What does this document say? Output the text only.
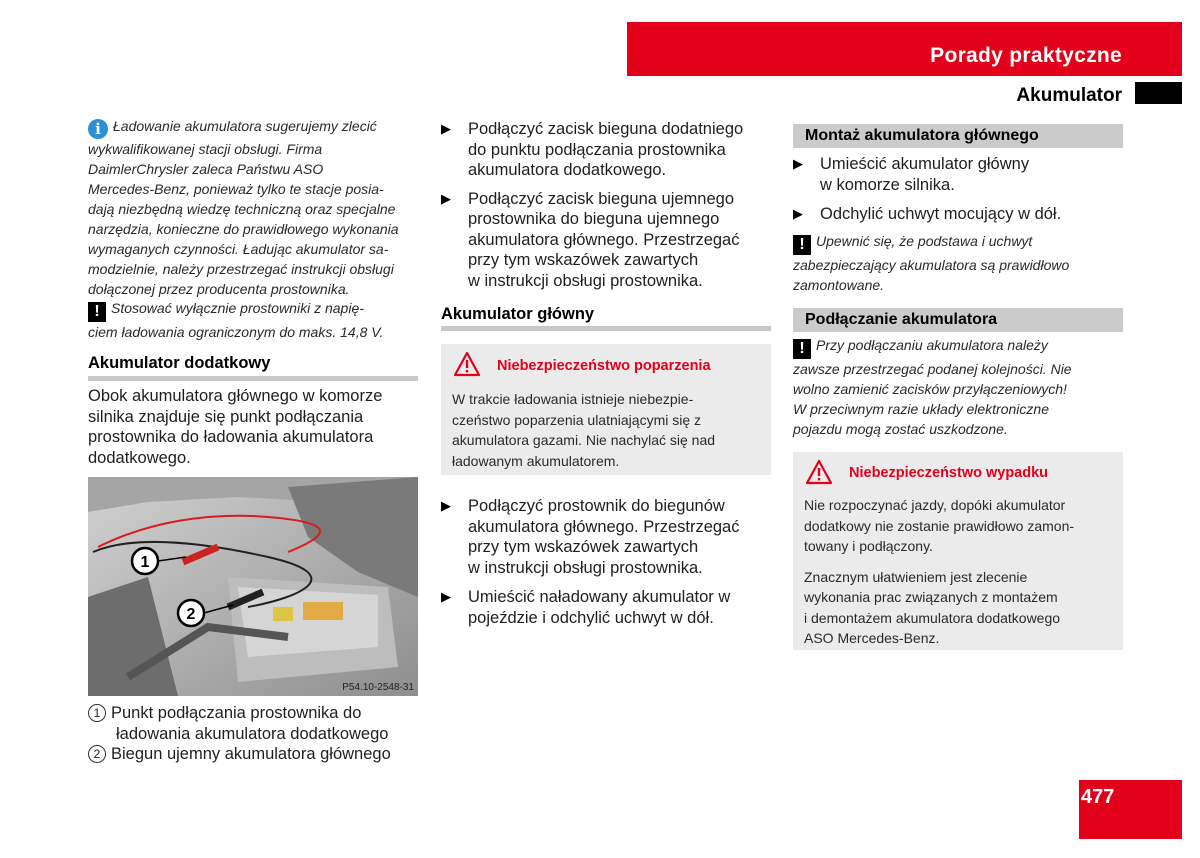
Porady praktyczne
Akumulator
i Ładowanie akumulatora sugerujemy zlecić
wykwalifikowanej stacji obsługi. Firma
DaimlerChrysler zaleca Państwu ASO
Mercedes-Benz, ponieważ tylko te stacje posia-
dają niezbędną wiedzę techniczną oraz specjalne
narzędzia, konieczne do prawidłowego wykonania
wymaganych czynności. Ładując akumulator sa-
modzielnie, należy przestrzegać instrukcji obsługi
dołączonej przez producenta prostownika.
! Stosować wyłącznie prostowniki z napię-
ciem ładowania ograniczonym do maks. 14,8 V.
Akumulator dodatkowy
Obok akumulatora głównego w komorze
silnika znajduje się punkt podłączania
prostownika do ładowania akumulatora
dodatkowego.
1
2
P54.10-2548-31
1 Punkt podłączania prostownika do
ładowania akumulatora dodatkowego
2 Biegun ujemny akumulatora głównego
▶ Podłączyć zacisk bieguna dodatniego
do punktu podłączania prostownika
akumulatora dodatkowego.
▶ Podłączyć zacisk bieguna ujemnego
prostownika do bieguna ujemnego
akumulatora głównego. Przestrzegać
przy tym wskazówek zawartych
w instrukcji obsługi prostownika.
Akumulator główny
Niebezpieczeństwo poparzenia
W trakcie ładowania istnieje niebezpie-
czeństwo poparzenia ulatniającymi się z
akumulatora gazami. Nie nachylać się nad
ładowanym akumulatorem.
▶ Podłączyć prostownik do biegunów
akumulatora głównego. Przestrzegać
przy tym wskazówek zawartych
w instrukcji obsługi prostownika.
▶ Umieścić naładowany akumulator w
pojeździe i odchylić uchwyt w dół.
Montaż akumulatora głównego
▶ Umieścić akumulator główny
w komorze silnika.
▶ Odchylić uchwyt mocujący w dół.
! Upewnić się, że podstawa i uchwyt
zabezpieczający akumulatora są prawidłowo
zamontowane.
Podłączanie akumulatora
! Przy podłączaniu akumulatora należy
zawsze przestrzegać podanej kolejności. Nie
wolno zamienić zacisków przyłączeniowych!
W przeciwnym razie układy elektroniczne
pojazdu mogą zostać uszkodzone.
Niebezpieczeństwo wypadku
Nie rozpoczynać jazdy, dopóki akumulator
dodatkowy nie zostanie prawidłowo zamon-
towany i podłączony.
Znacznym ułatwieniem jest zlecenie
wykonania prac związanych z montażem
i demontażem akumulatora dodatkowego
ASO Mercedes-Benz.
477
